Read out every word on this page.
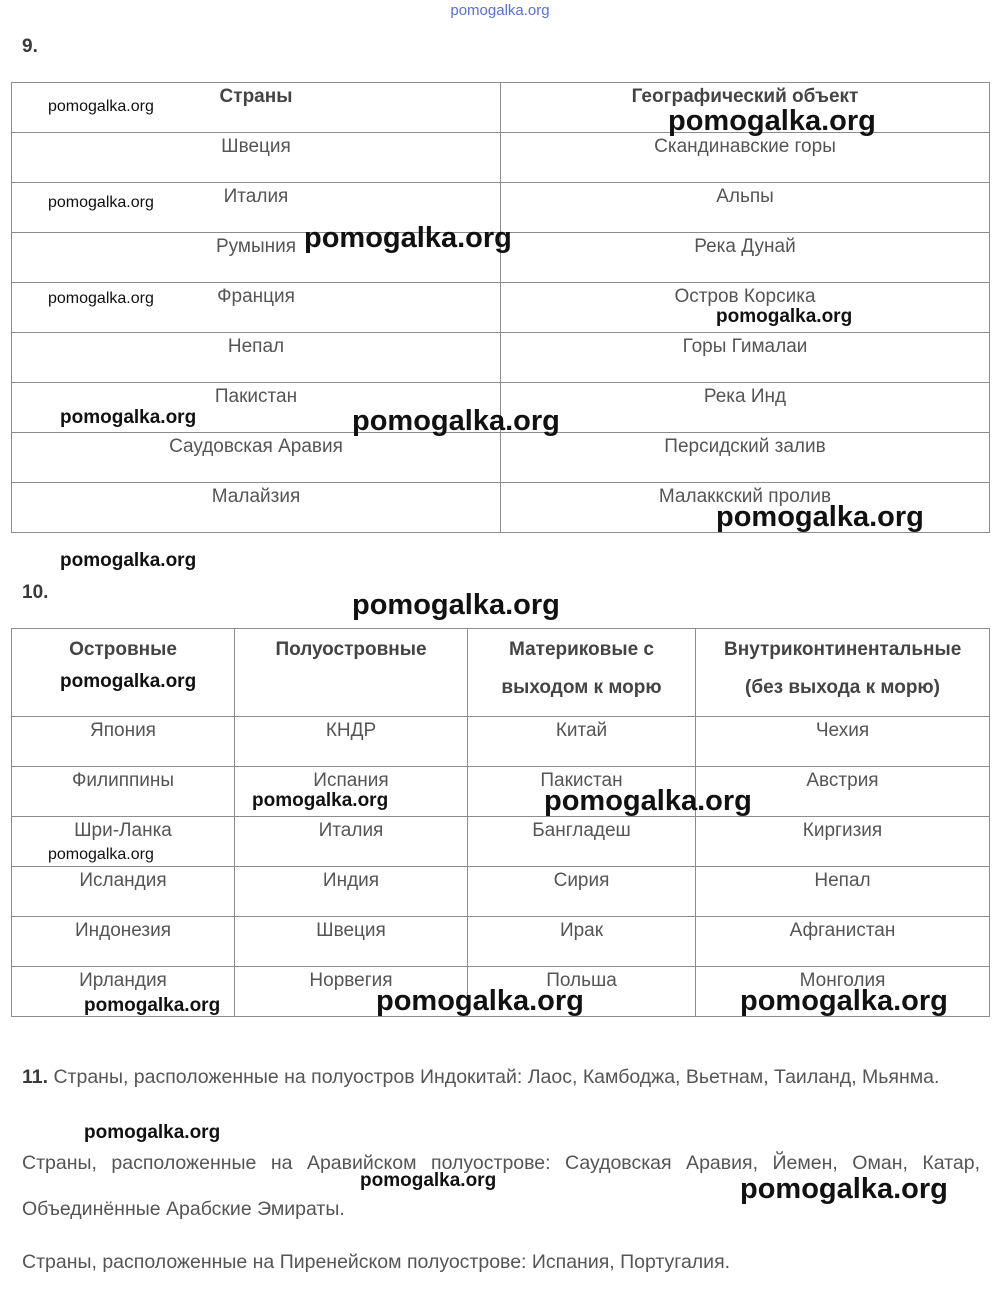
pomogalka.org
9.
Страны	Географический объект
Швеция	Скандинавские горы
Италия	Альпы
Румыния	Река Дунай
Франция	Остров Корсика
Непал	Горы Гималаи
Пакистан	Река Инд
Саудовская Аравия	Персидский залив
Малайзия	Малаккский пролив
10.
Островные	Полуостровные	Материковые с выходом к морю	Внутриконтинентальные (без выхода к морю)
Япония	КНДР	Китай	Чехия
Филиппины	Испания	Пакистан	Австрия
Шри-Ланка	Италия	Бангладеш	Киргизия
Исландия	Индия	Сирия	Непал
Индонезия	Швеция	Ирак	Афганистан
Ирландия	Норвегия	Польша	Монголия

11. Страны, расположенные на полуостров Индокитай: Лаос, Камбоджа, Вьетнам, Таиланд, Мьянма.

Страны, расположенные на Аравийском полуострове: Саудовская Аравия, Йемен, Оман, Катар, Объединённые Арабские Эмираты.

Страны, расположенные на Пиренейском полуострове: Испания, Португалия.

pomogalka.org	pomogalka.org
pomogalka.org
pomogalka.org
pomogalka.org
pomogalka.org
pomogalka.org	pomogalka.org
pomogalka.org
pomogalka.org
pomogalka.org
pomogalka.org
pomogalka.org	pomogalka.org
pomogalka.org
pomogalka.org	pomogalka.org	pomogalka.org
pomogalka.org
pomogalka.org	pomogalka.org
